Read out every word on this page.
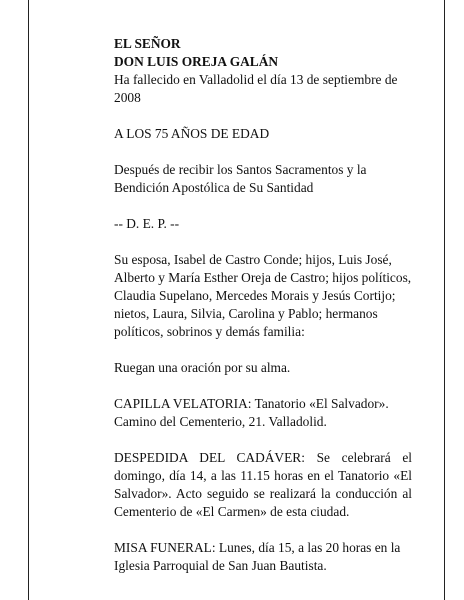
EL SEÑOR

DON LUIS OREJA GALÁN

Ha fallecido en Valladolid el día 13 de septiembre de 2008

A LOS 75 AÑOS DE EDAD

Después de recibir los Santos Sacramentos y la Bendición Apostólica de Su Santidad

-- D. E. P. --

Su esposa, Isabel de Castro Conde; hijos, Luis José, Alberto y María Esther Oreja de Castro; hijos políticos, Claudia Supelano, Mercedes Morais y Jesús Cortijo; nietos, Laura, Silvia, Carolina y Pablo; hermanos políticos, sobrinos y demás familia:

Ruegan una oración por su alma.

CAPILLA VELATORIA: Tanatorio «El Salvador». Camino del Cementerio, 21. Valladolid.

DESPEDIDA DEL CADÁVER: Se celebrará el domingo, día 14, a las 11.15 horas en el Tanatorio «El Salvador». Acto seguido se realizará la conducción al Cementerio de «El Carmen» de esta ciudad.

MISA FUNERAL: Lunes, día 15, a las 20 horas en la Iglesia Parroquial de San Juan Bautista.
